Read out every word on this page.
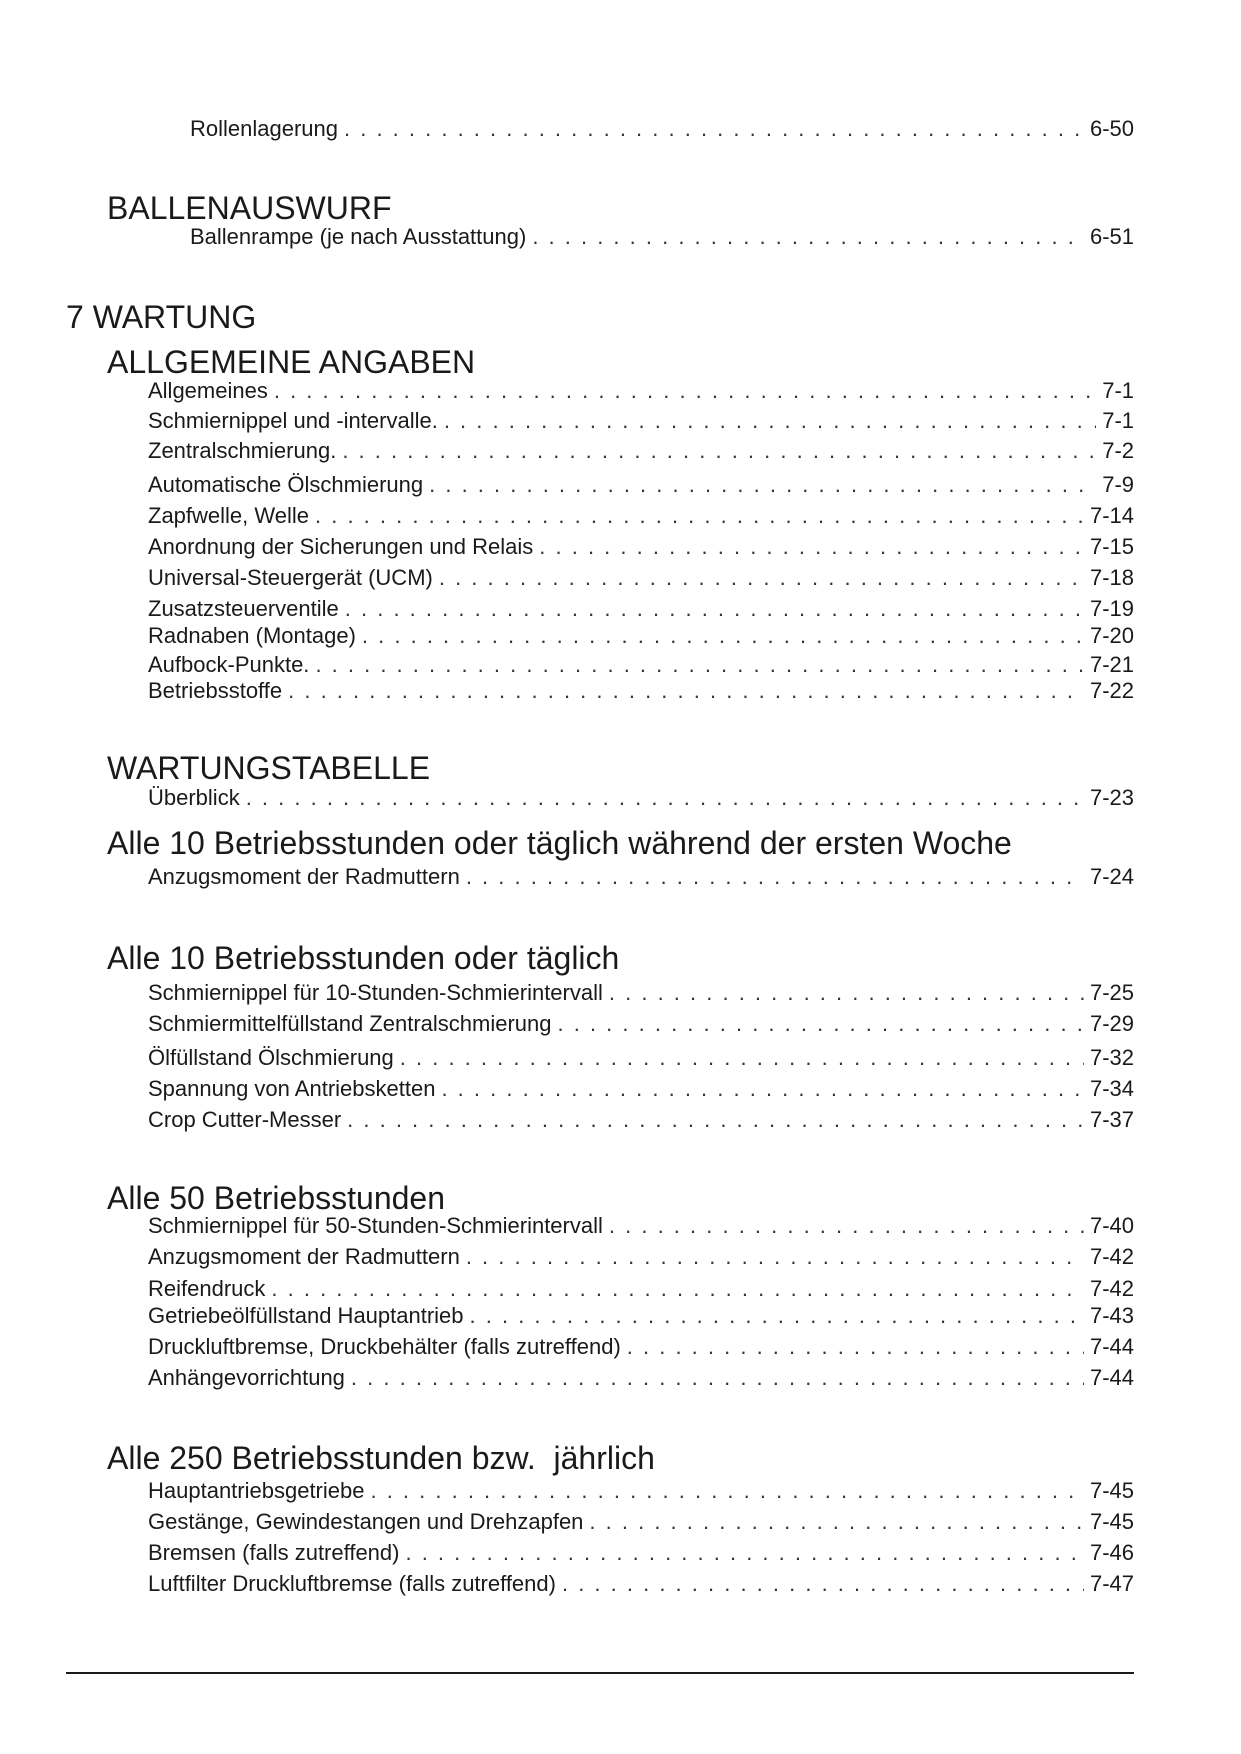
Rollenlagerung . . .	6-50
BALLENAUSWURF
Ballenrampe (je nach Ausstattung) . . .	6-51
7 WARTUNG
ALLGEMEINE ANGABEN
Allgemeines . . .	7-1
Schmiernippel und -intervalle. . . .	7-1
Zentralschmierung. . . .	7-2
Automatische Ölschmierung . . .	7-9
Zapfwelle, Welle . . .	7-14
Anordnung der Sicherungen und Relais . . .	7-15
Universal-Steuergerät (UCM) . . .	7-18
Zusatzsteuerventile . . .	7-19
Radnaben (Montage) . . .	7-20
Aufbock-Punkte. . . .	7-21
Betriebsstoffe . . .	7-22
WARTUNGSTABELLE
Überblick . . .	7-23
Alle 10 Betriebsstunden oder täglich während der ersten Woche
Anzugsmoment der Radmuttern . . .	7-24
Alle 10 Betriebsstunden oder täglich
Schmiernippel für 10-Stunden-Schmierintervall . . .	7-25
Schmiermittelfüllstand Zentralschmierung . . .	7-29
Ölfüllstand Ölschmierung . . .	7-32
Spannung von Antriebsketten . . .	7-34
Crop Cutter-Messer . . .	7-37
Alle 50 Betriebsstunden
Schmiernippel für 50-Stunden-Schmierintervall . . .	7-40
Anzugsmoment der Radmuttern . . .	7-42
Reifendruck . . .	7-42
Getriebeölfüllstand Hauptantrieb . . .	7-43
Druckluftbremse, Druckbehälter (falls zutreffend) . . .	7-44
Anhängevorrichtung . . .	7-44
Alle 250 Betriebsstunden bzw.  jährlich
Hauptantriebsgetriebe . . .	7-45
Gestänge, Gewindestangen und Drehzapfen . . .	7-45
Bremsen (falls zutreffend) . . .	7-46
Luftfilter Druckluftbremse (falls zutreffend) . . .	7-47
